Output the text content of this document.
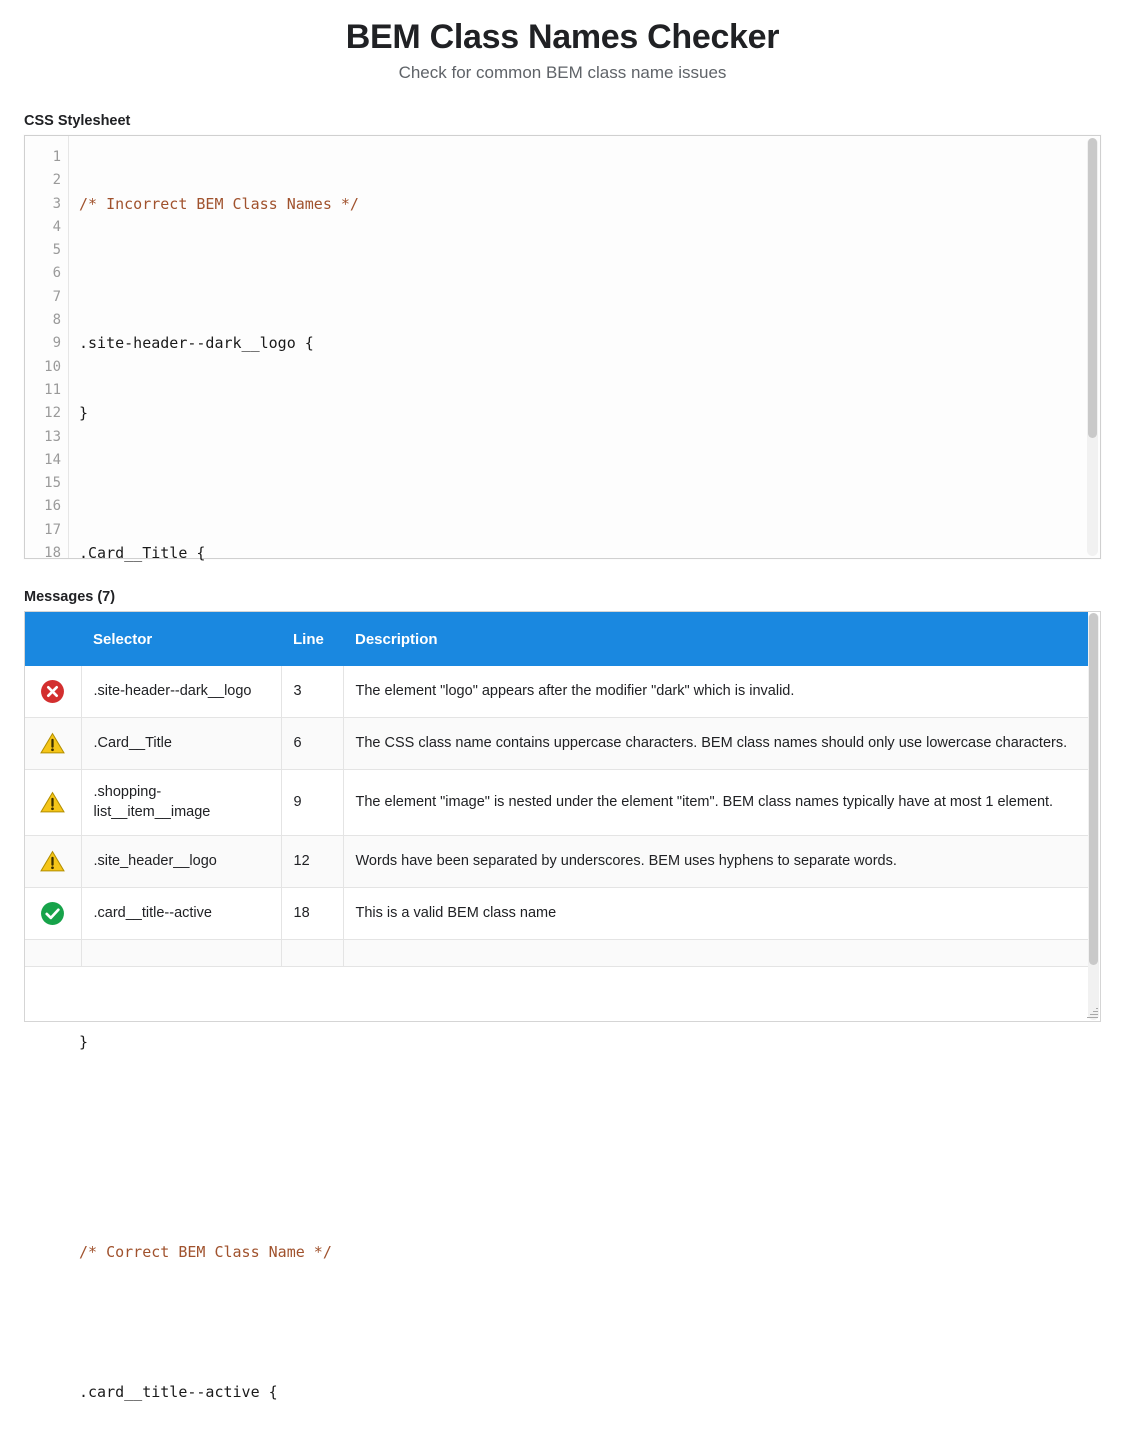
BEM Class Names Checker

Check for common BEM class name issues

CSS Stylesheet
1
2
3
4
5
6
7
8
9
10
11
12
13
14
15
16
17
18

/* Incorrect BEM Class Names */

.site-header--dark__logo {

}

.Card__Title {

}

/* Correct BEM Class Name */

.card__title--active {

Messages (7)
	Selector	Line	Description

	.site-header--dark__logo	3	The element "logo" appears after the modifier "dark" which is invalid.

	.Card__Title	6	The CSS class name contains uppercase characters. BEM class names should only use lowercase characters.

	.shopping-list__item__image	9	The element "image" is nested under the element "item". BEM class names typically have at most 1 element.

	.site_header__logo	12	Words have been separated by underscores. BEM uses hyphens to separate words.

	.card__title--active	18	This is a valid BEM class name
